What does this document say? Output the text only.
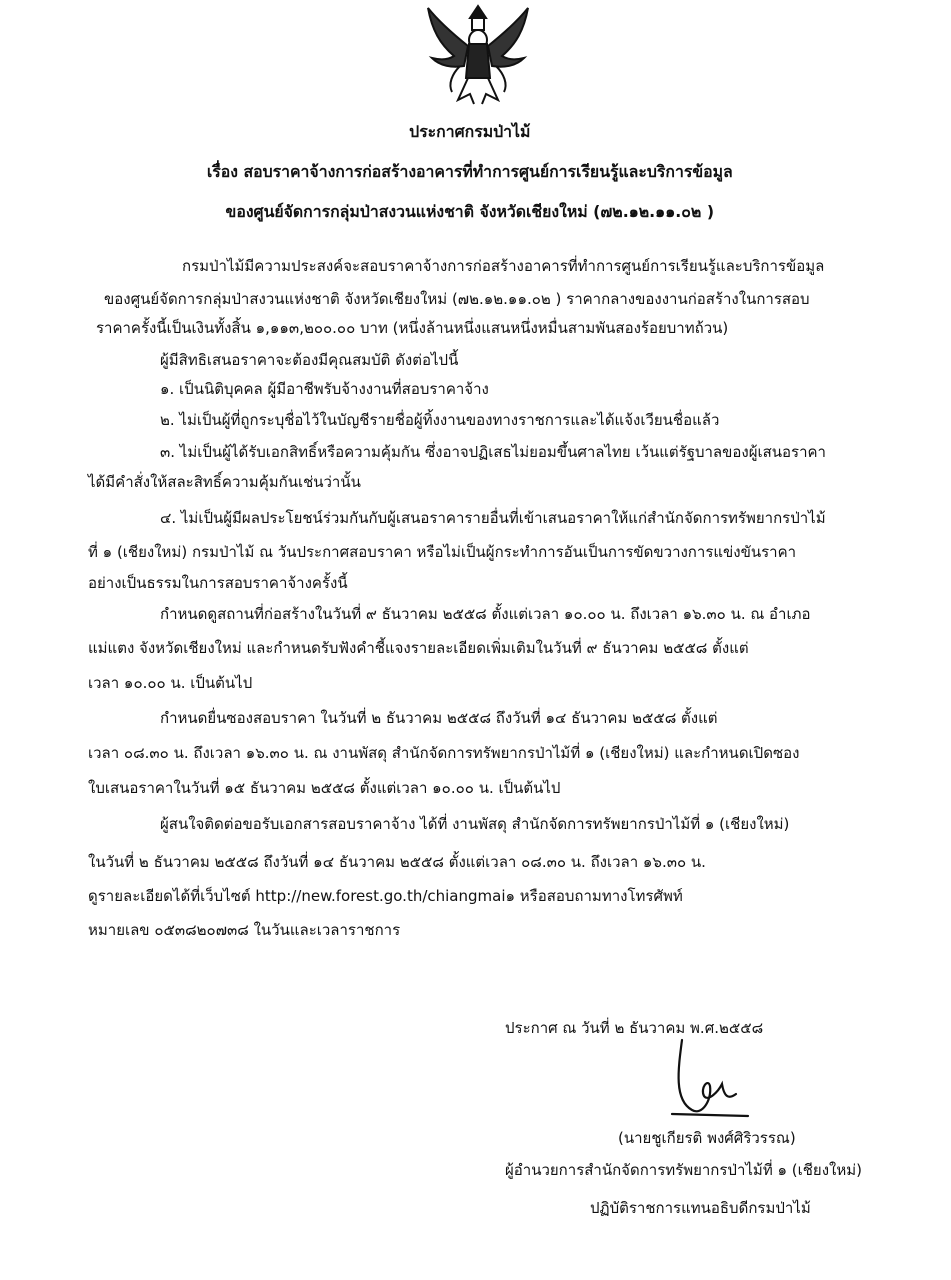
ประกาศกรมป่าไม้
เรื่อง สอบราคาจ้างการก่อสร้างอาคารที่ทำการศูนย์การเรียนรู้และบริการข้อมูล
ของศูนย์จัดการกลุ่มป่าสงวนแห่งชาติ จังหวัดเชียงใหม่ (๗๒.๑๒.๑๑.๐๒ )
กรมป่าไม้มีความประสงค์จะสอบราคาจ้างการก่อสร้างอาคารที่ทำการศูนย์การเรียนรู้และบริการข้อมูล
ของศูนย์จัดการกลุ่มป่าสงวนแห่งชาติ จังหวัดเชียงใหม่ (๗๒.๑๒.๑๑.๐๒ ) ราคากลางของงานก่อสร้างในการสอบ
ราคาครั้งนี้เป็นเงินทั้งสิ้น ๑,๑๑๓,๒๐๐.๐๐ บาท (หนึ่งล้านหนึ่งแสนหนึ่งหมื่นสามพันสองร้อยบาทถ้วน)
ผู้มีสิทธิเสนอราคาจะต้องมีคุณสมบัติ ดังต่อไปนี้
๑. เป็นนิติบุคคล ผู้มีอาชีพรับจ้างงานที่สอบราคาจ้าง
๒. ไม่เป็นผู้ที่ถูกระบุชื่อไว้ในบัญชีรายชื่อผู้ทิ้งงานของทางราชการและได้แจ้งเวียนชื่อแล้ว
๓. ไม่เป็นผู้ได้รับเอกสิทธิ์หรือความคุ้มกัน ซึ่งอาจปฏิเสธไม่ยอมขึ้นศาลไทย เว้นแต่รัฐบาลของผู้เสนอราคา
ได้มีคำสั่งให้สละสิทธิ์ความคุ้มกันเช่นว่านั้น
๔. ไม่เป็นผู้มีผลประโยชน์ร่วมกันกับผู้เสนอราคารายอื่นที่เข้าเสนอราคาให้แก่สำนักจัดการทรัพยากรป่าไม้
ที่ ๑ (เชียงใหม่) กรมป่าไม้ ณ วันประกาศสอบราคา หรือไม่เป็นผู้กระทำการอันเป็นการขัดขวางการแข่งขันราคา
อย่างเป็นธรรมในการสอบราคาจ้างครั้งนี้
กำหนดดูสถานที่ก่อสร้างในวันที่ ๙ ธันวาคม ๒๕๕๘ ตั้งแต่เวลา ๑๐.๐๐ น. ถึงเวลา ๑๖.๓๐ น. ณ อำเภอ
แม่แตง จังหวัดเชียงใหม่ และกำหนดรับฟังคำชี้แจงรายละเอียดเพิ่มเติมในวันที่ ๙ ธันวาคม ๒๕๕๘ ตั้งแต่
เวลา ๑๐.๐๐ น. เป็นต้นไป
กำหนดยื่นซองสอบราคา ในวันที่ ๒ ธันวาคม ๒๕๕๘ ถึงวันที่ ๑๔ ธันวาคม ๒๕๕๘ ตั้งแต่
เวลา ๐๘.๓๐ น. ถึงเวลา ๑๖.๓๐ น. ณ งานพัสดุ สำนักจัดการทรัพยากรป่าไม้ที่ ๑ (เชียงใหม่) และกำหนดเปิดซอง
ใบเสนอราคาในวันที่ ๑๕ ธันวาคม ๒๕๕๘ ตั้งแต่เวลา ๑๐.๐๐ น. เป็นต้นไป
ผู้สนใจติดต่อขอรับเอกสารสอบราคาจ้าง ได้ที่ งานพัสดุ สำนักจัดการทรัพยากรป่าไม้ที่ ๑ (เชียงใหม่)
ในวันที่ ๒ ธันวาคม ๒๕๕๘ ถึงวันที่ ๑๔ ธันวาคม ๒๕๕๘ ตั้งแต่เวลา ๐๘.๓๐ น. ถึงเวลา ๑๖.๓๐ น.
ดูรายละเอียดได้ที่เว็บไซต์ http://new.forest.go.th/chiangmai๑ หรือสอบถามทางโทรศัพท์
หมายเลข ๐๕๓๘๒๐๗๓๘ ในวันและเวลาราชการ
ประกาศ ณ วันที่ ๒ ธันวาคม พ.ศ.๒๕๕๘
(นายชูเกียรติ พงศ์ศิริวรรณ)
ผู้อำนวยการสำนักจัดการทรัพยากรป่าไม้ที่ ๑ (เชียงใหม่)
ปฏิบัติราชการแทนอธิบดีกรมป่าไม้
